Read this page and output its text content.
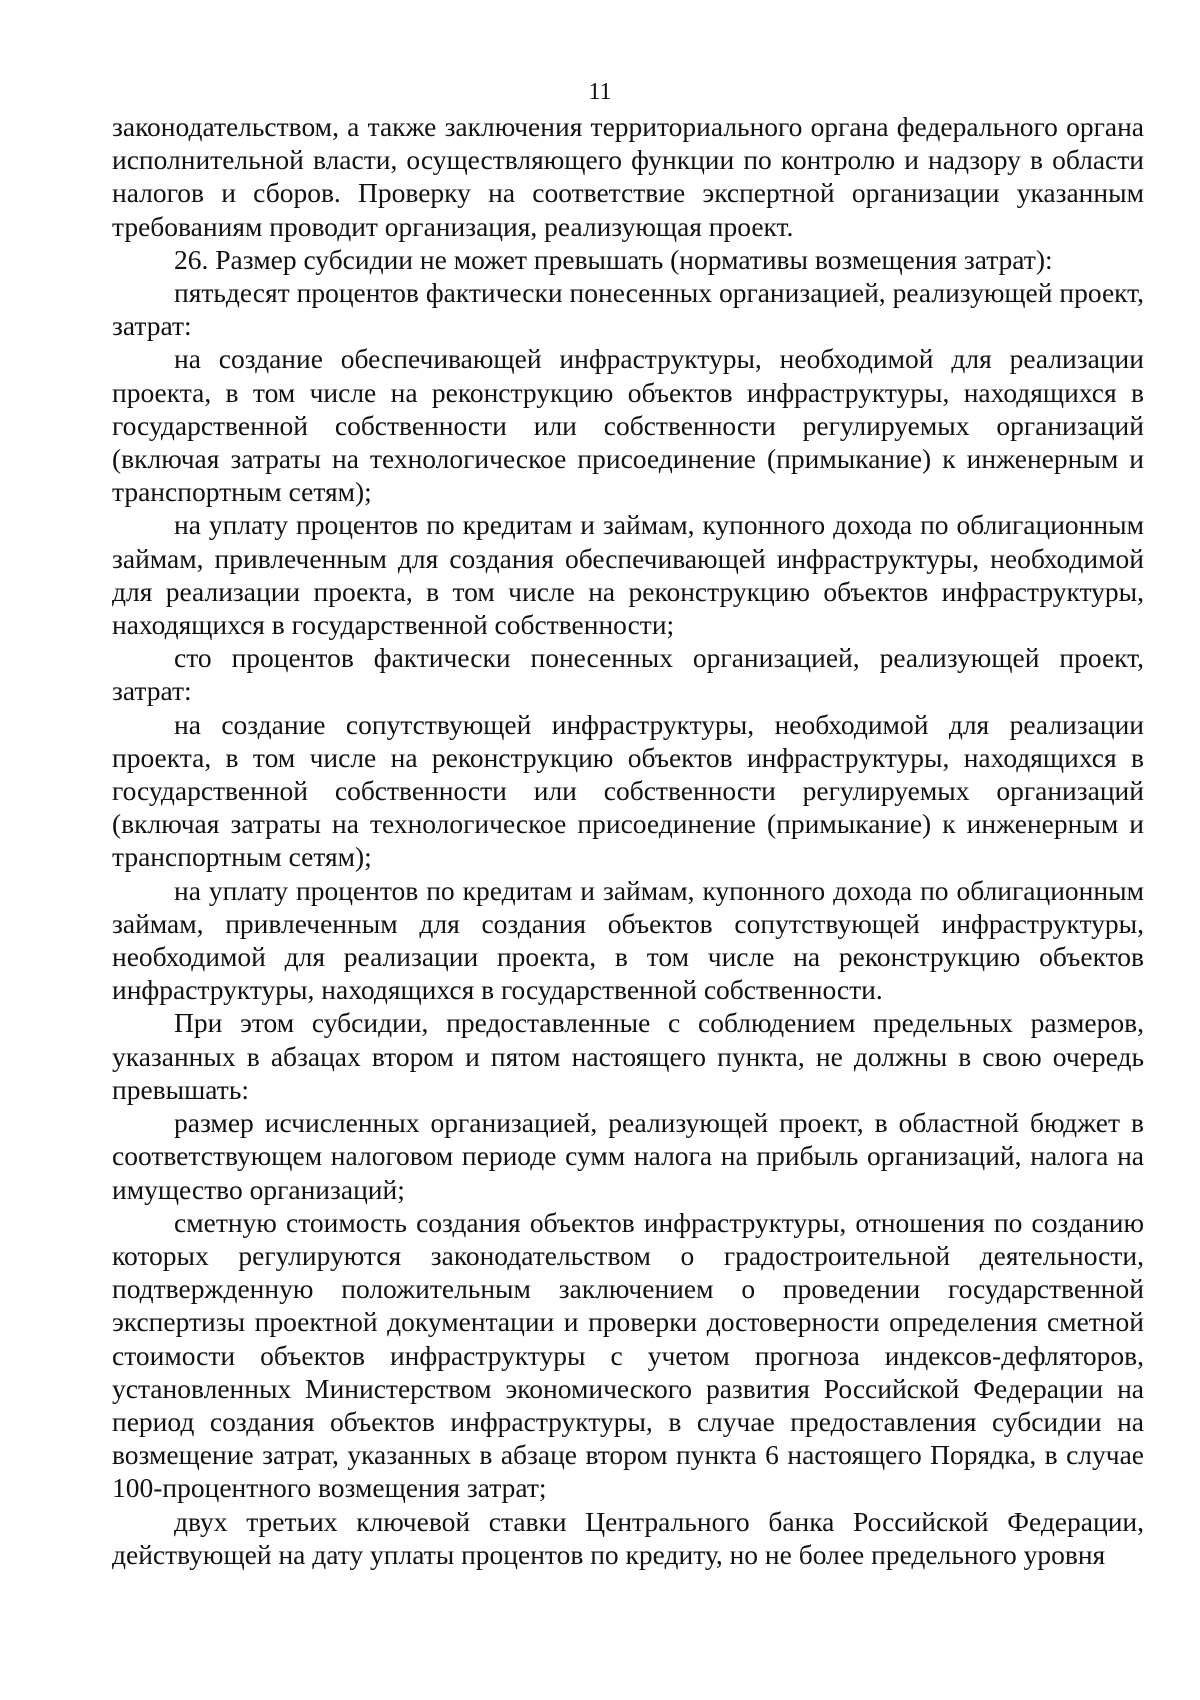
11

законодательством, а также заключения территориального органа федерального органа исполнительной власти, осуществляющего функции по контролю и надзору в области налогов и сборов. Проверку на соответствие экспертной организации указанным требованиям проводит организация, реализующая проект.

26. Размер субсидии не может превышать (нормативы возмещения затрат):

пятьдесят процентов фактически понесенных организацией, реализующей проект, затрат:

на создание обеспечивающей инфраструктуры, необходимой для реализации проекта, в том числе на реконструкцию объектов инфраструктуры, находящихся в государственной собственности или собственности регулируемых организаций (включая затраты на технологическое присоединение (примыкание) к инженерным и транспортным сетям);

на уплату процентов по кредитам и займам, купонного дохода по облигационным займам, привлеченным для создания обеспечивающей инфраструктуры, необходимой для реализации проекта, в том числе на реконструкцию объектов инфраструктуры, находящихся в государственной собственности;

сто процентов фактически понесенных организацией, реализующей проект, затрат:

на создание сопутствующей инфраструктуры, необходимой для реализации проекта, в том числе на реконструкцию объектов инфраструктуры, находящихся в государственной собственности или собственности регулируемых организаций (включая затраты на технологическое присоединение (примыкание) к инженерным и транспортным сетям);

на уплату процентов по кредитам и займам, купонного дохода по облигационным займам, привлеченным для создания объектов сопутствующей инфраструктуры, необходимой для реализации проекта, в том числе на реконструкцию объектов инфраструктуры, находящихся в государственной собственности.

При этом субсидии, предоставленные с соблюдением предельных размеров, указанных в абзацах втором и пятом настоящего пункта, не должны в свою очередь превышать:

размер исчисленных организацией, реализующей проект, в областной бюджет в соответствующем налоговом периоде сумм налога на прибыль организаций, налога на имущество организаций;

сметную стоимость создания объектов инфраструктуры, отношения по созданию которых регулируются законодательством о градостроительной деятельности, подтвержденную положительным заключением о проведении государственной экспертизы проектной документации и проверки достоверности определения сметной стоимости объектов инфраструктуры с учетом прогноза индексов-дефляторов, установленных Министерством экономического развития Российской Федерации на период создания объектов инфраструктуры, в случае предоставления субсидии на возмещение затрат, указанных в абзаце втором пункта 6 настоящего Порядка, в случае 100-процентного возмещения затрат;

двух третьих ключевой ставки Центрального банка Российской Федерации, действующей на дату уплаты процентов по кредиту, но не более предельного уровня
